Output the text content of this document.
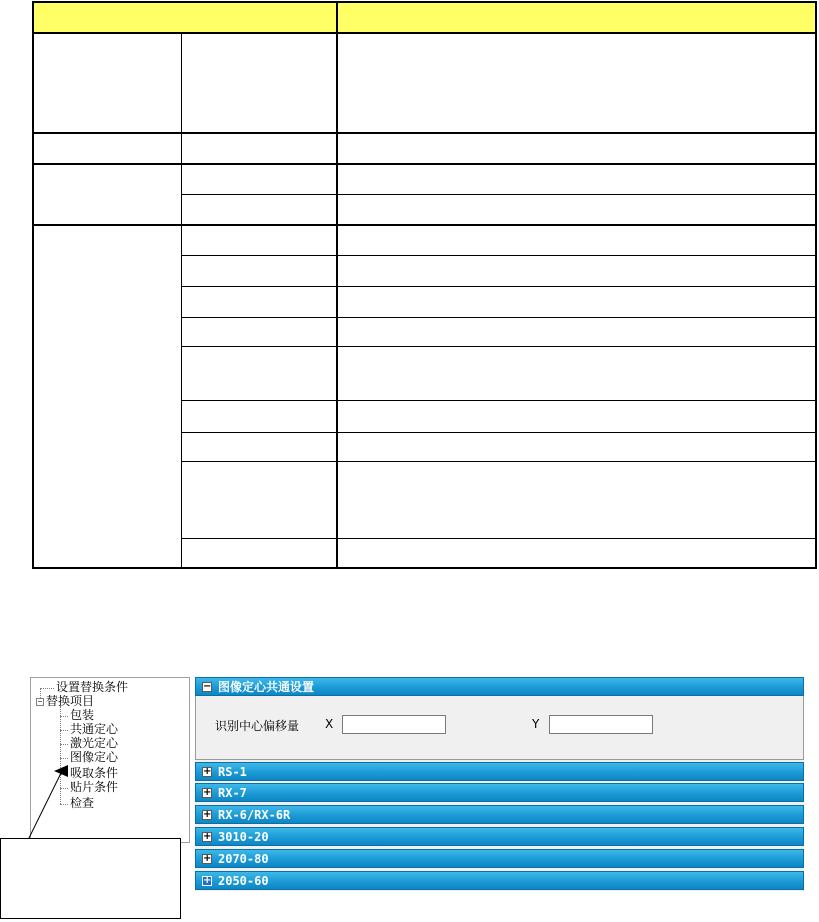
设置替换条件
− 替换项目
包装
共通定心
激光定心
图像定心
吸取条件
贴片条件
检查
− 图像定心共通设置
识别中心偏移量 X	Y
+ RS-1
+ RX-7
+ RX-6/RX-6R
+ 3010-20
+ 2070-80
+ 2050-60
